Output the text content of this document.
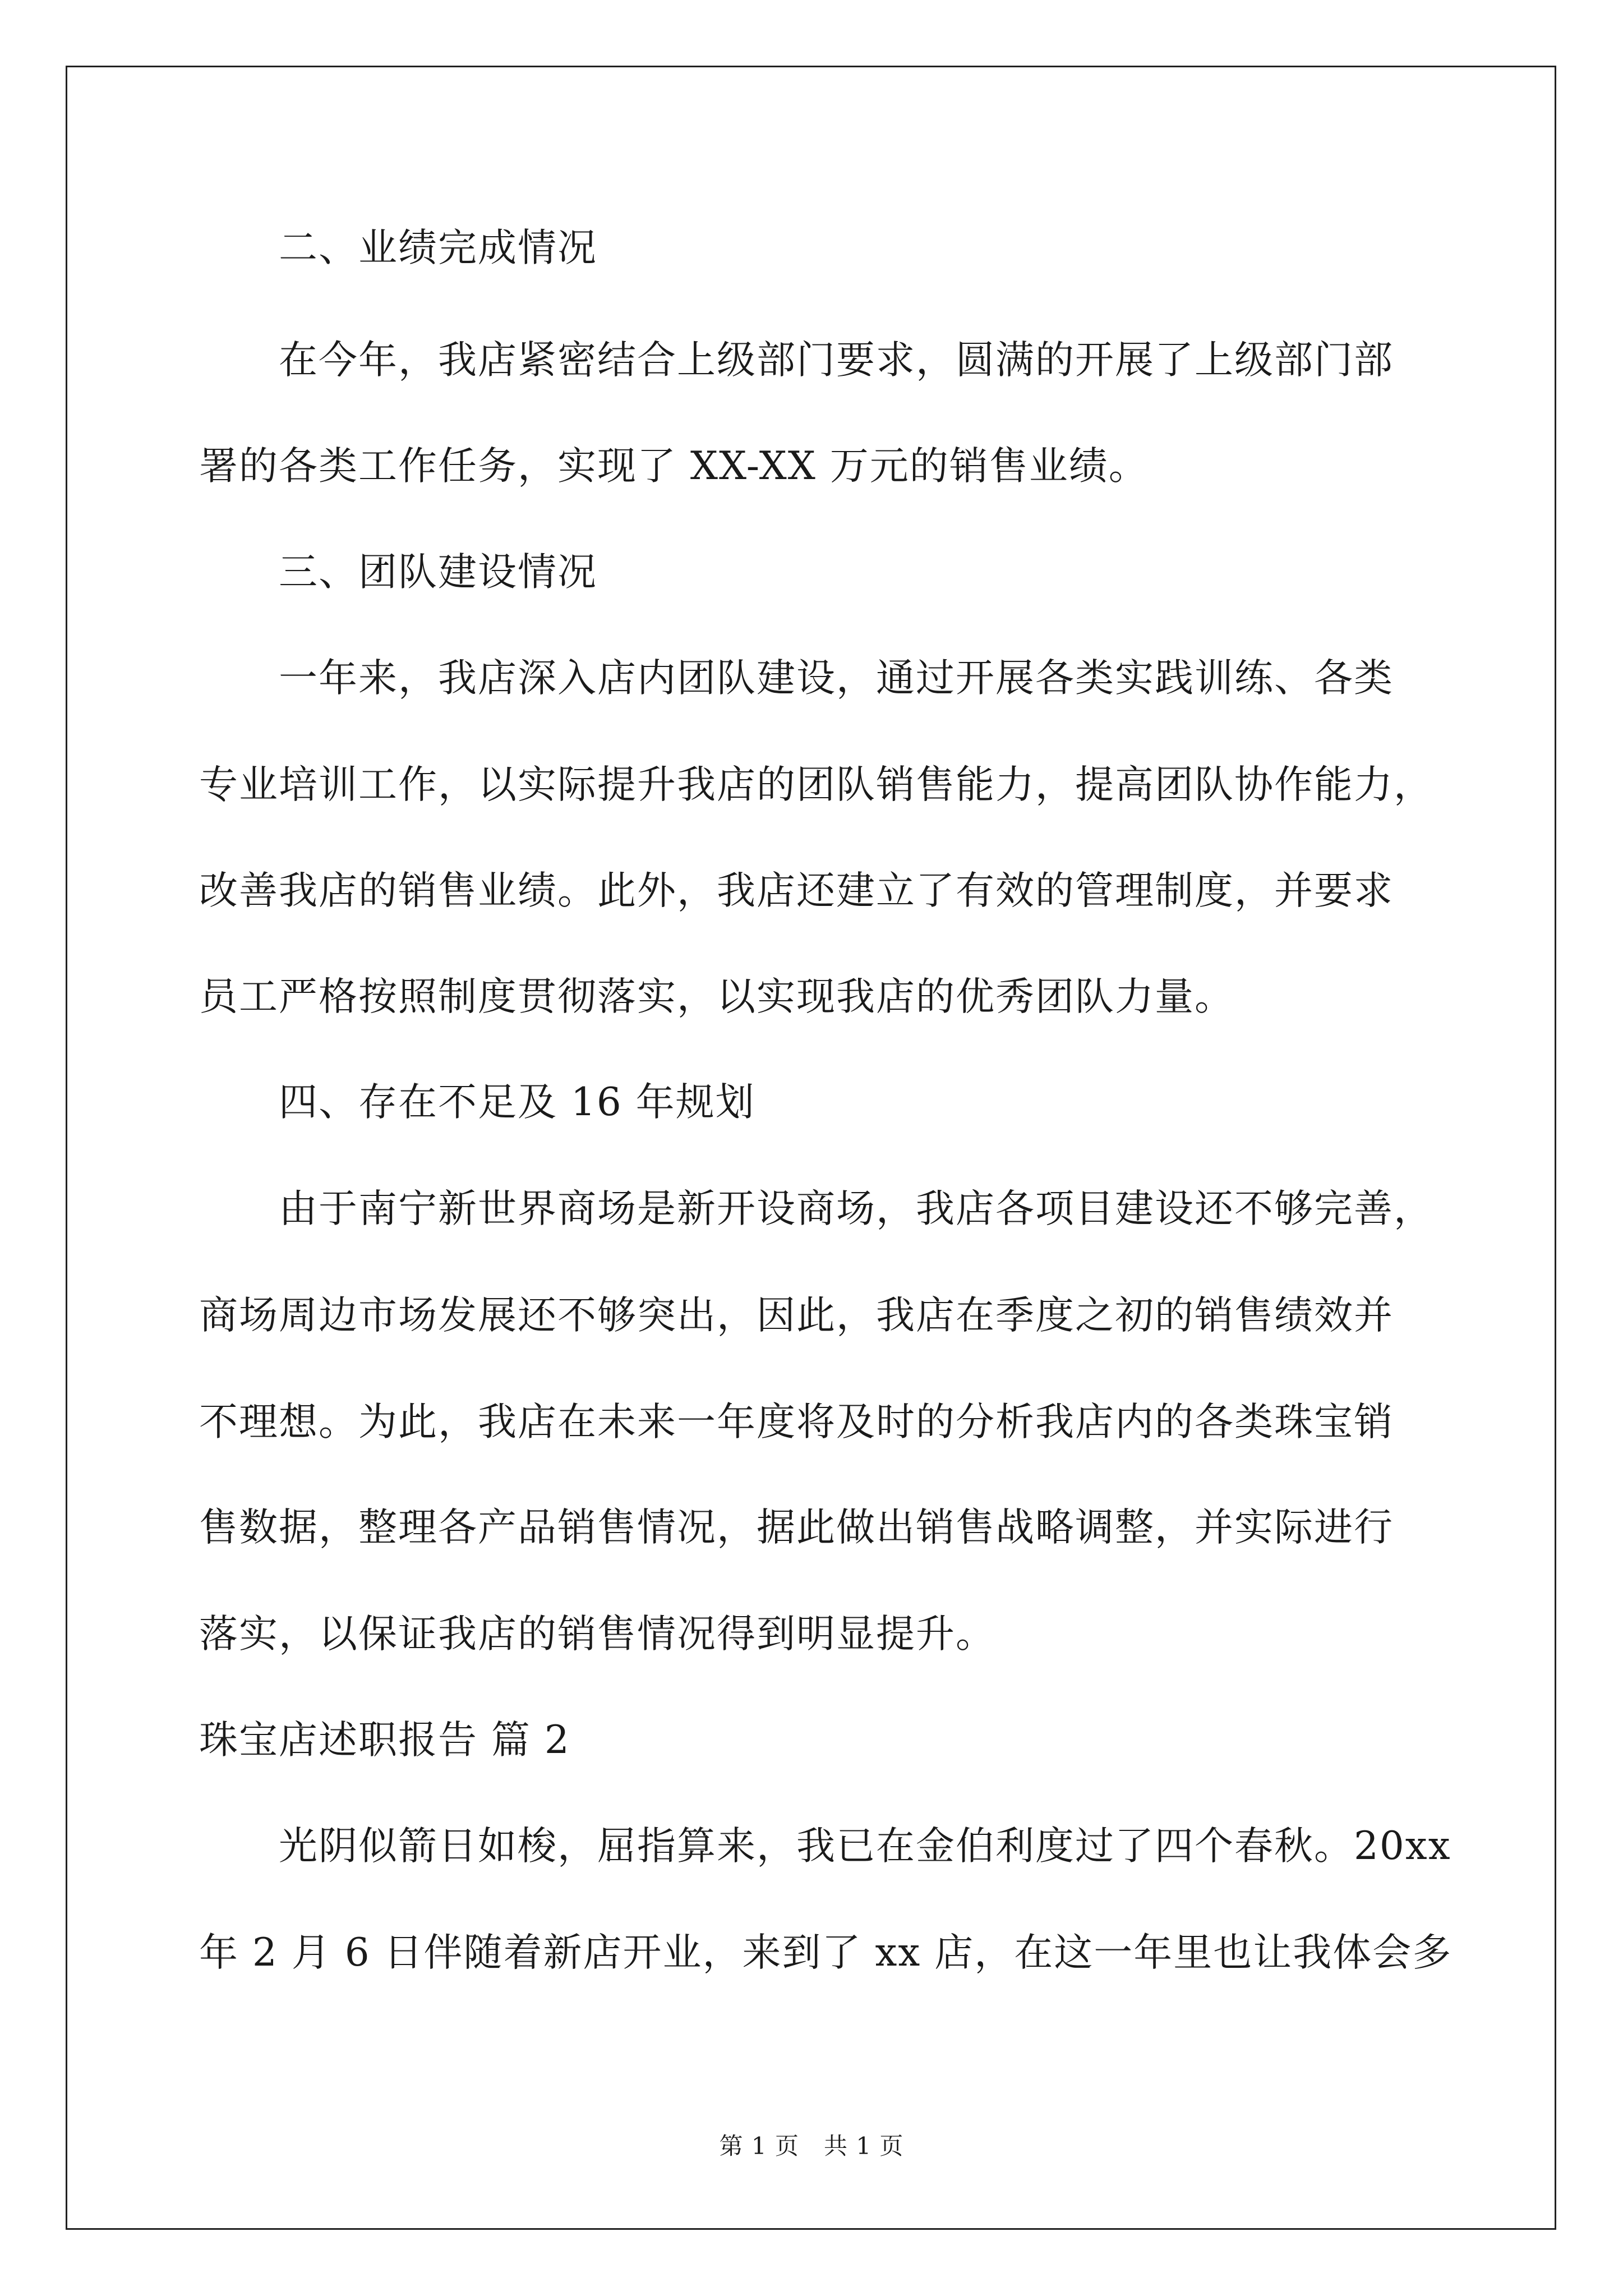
二、业绩完成情况
在今年，我店紧密结合上级部门要求，圆满的开展了上级部门部
署的各类工作任务，实现了 XX-XX 万元的销售业绩。
三、团队建设情况
一年来，我店深入店内团队建设，通过开展各类实践训练、各类
专业培训工作，以实际提升我店的团队销售能力，提高团队协作能力，
改善我店的销售业绩。此外，我店还建立了有效的管理制度，并要求
员工严格按照制度贯彻落实，以实现我店的优秀团队力量。
四、存在不足及 16 年规划
由于南宁新世界商场是新开设商场，我店各项目建设还不够完善，
商场周边市场发展还不够突出，因此，我店在季度之初的销售绩效并
不理想。为此，我店在未来一年度将及时的分析我店内的各类珠宝销
售数据，整理各产品销售情况，据此做出销售战略调整，并实际进行
落实，以保证我店的销售情况得到明显提升。
珠宝店述职报告 篇 2
光阴似箭日如梭，屈指算来，我已在金伯利度过了四个春秋。20xx
年 2 月 6 日伴随着新店开业，来到了 xx 店，在这一年里也让我体会多
第 1 页 共 1 页
